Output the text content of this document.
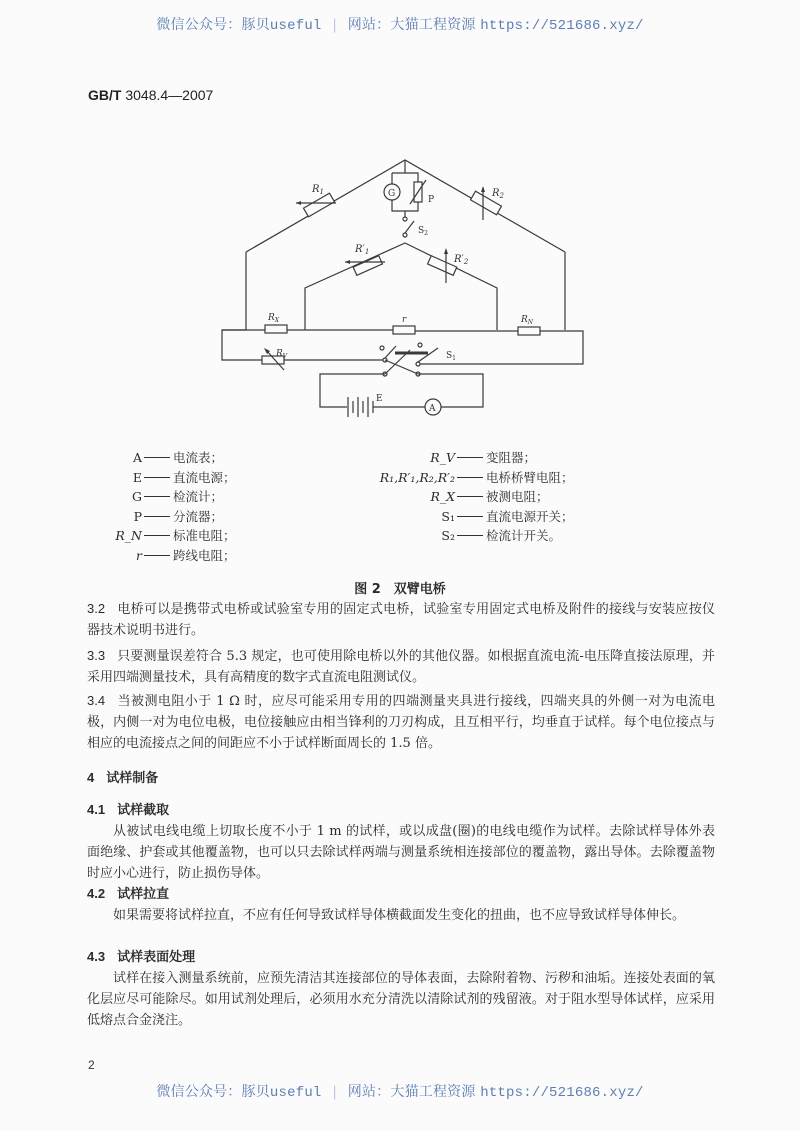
微信公众号：豚贝useful | 网站：大猫工程资源 https://521686.xyz/
GB/T 3048.4—2007
$R_1$	$R_2$
G
P
$S_2$
$R'_1$
$R'_2$
$R_X$	r	$R_N$
$R_V$	$S_1$
E
A
A 电流表；
E 直流电源；
G 检流计；
P 分流器；
R_N 标准电阻；
r 跨线电阻；
R_V 变阻器；
R₁,R′₁,R₂,R′₂ 电桥桥臂电阻；
R_X 被测电阻；
S₁ 直流电源开关；
S₂ 检流计开关。
图 2　双臂电桥
3.2 电桥可以是携带式电桥或试验室专用的固定式电桥，试验室专用固定式电桥及附件的接线与安装应按仪器技术说明书进行。
3.3 只要测量误差符合 5.3 规定，也可使用除电桥以外的其他仪器。如根据直流电流-电压降直接法原理，并采用四端测量技术，具有高精度的数字式直流电阻测试仪。
3.4 当被测电阻小于 1 Ω 时，应尽可能采用专用的四端测量夹具进行接线，四端夹具的外侧一对为电流电极，内侧一对为电位电极，电位接触应由相当锋利的刀刃构成，且互相平行，均垂直于试样。每个电位接点与相应的电流接点之间的间距应不小于试样断面周长的 1.5 倍。
4 试样制备
4.1 试样截取
从被试电线电缆上切取长度不小于 1 m 的试样，或以成盘(圈)的电线电缆作为试样。去除试样导体外表面绝缘、护套或其他覆盖物，也可以只去除试样两端与测量系统相连接部位的覆盖物，露出导体。去除覆盖物时应小心进行，防止损伤导体。
4.2 试样拉直
如果需要将试样拉直，不应有任何导致试样导体横截面发生变化的扭曲，也不应导致试样导体伸长。
4.3 试样表面处理
试样在接入测量系统前，应预先清洁其连接部位的导体表面，去除附着物、污秽和油垢。连接处表面的氧化层应尽可能除尽。如用试剂处理后，必须用水充分清洗以清除试剂的残留液。对于阻水型导体试样，应采用低熔点合金浇注。
2
微信公众号：豚贝useful | 网站：大猫工程资源 https://521686.xyz/
